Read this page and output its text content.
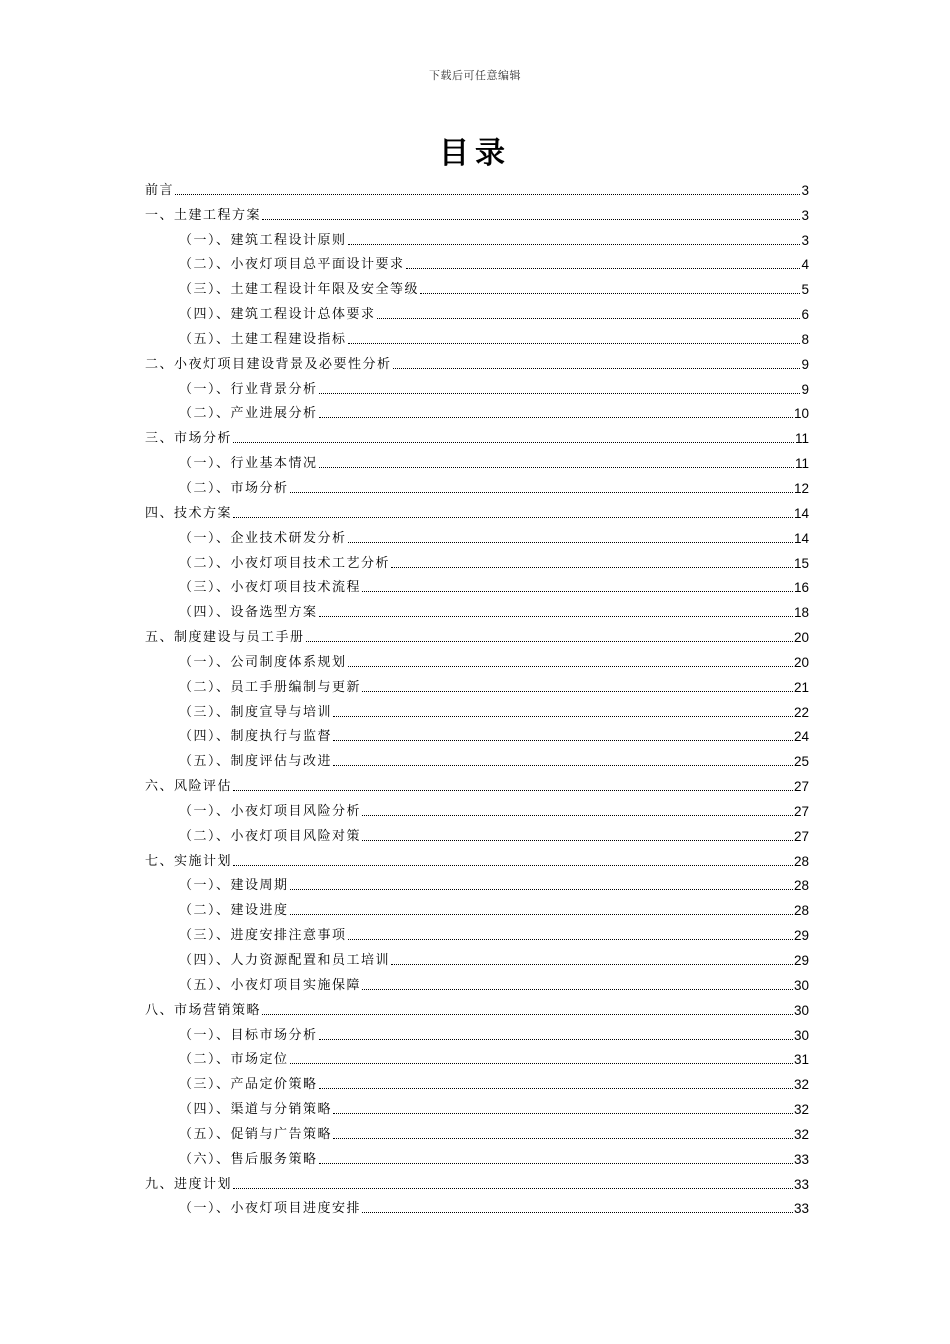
下载后可任意编辑
目录
前言	3
一、土建工程方案	3
（一）、建筑工程设计原则	3
（二）、小夜灯项目总平面设计要求	4
（三）、土建工程设计年限及安全等级	5
（四）、建筑工程设计总体要求	6
（五）、土建工程建设指标	8
二、小夜灯项目建设背景及必要性分析	9
（一）、行业背景分析	9
（二）、产业进展分析	10
三、市场分析	11
（一）、行业基本情况	11
（二）、市场分析	12
四、技术方案	14
（一）、企业技术研发分析	14
（二）、小夜灯项目技术工艺分析	15
（三）、小夜灯项目技术流程	16
（四）、设备选型方案	18
五、制度建设与员工手册	20
（一）、公司制度体系规划	20
（二）、员工手册编制与更新	21
（三）、制度宣导与培训	22
（四）、制度执行与监督	24
（五）、制度评估与改进	25
六、风险评估	27
（一）、小夜灯项目风险分析	27
（二）、小夜灯项目风险对策	27
七、实施计划	28
（一）、建设周期	28
（二）、建设进度	28
（三）、进度安排注意事项	29
（四）、人力资源配置和员工培训	29
（五）、小夜灯项目实施保障	30
八、市场营销策略	30
（一）、目标市场分析	30
（二）、市场定位	31
（三）、产品定价策略	32
（四）、渠道与分销策略	32
（五）、促销与广告策略	32
（六）、售后服务策略	33
九、进度计划	33
（一）、小夜灯项目进度安排	33
